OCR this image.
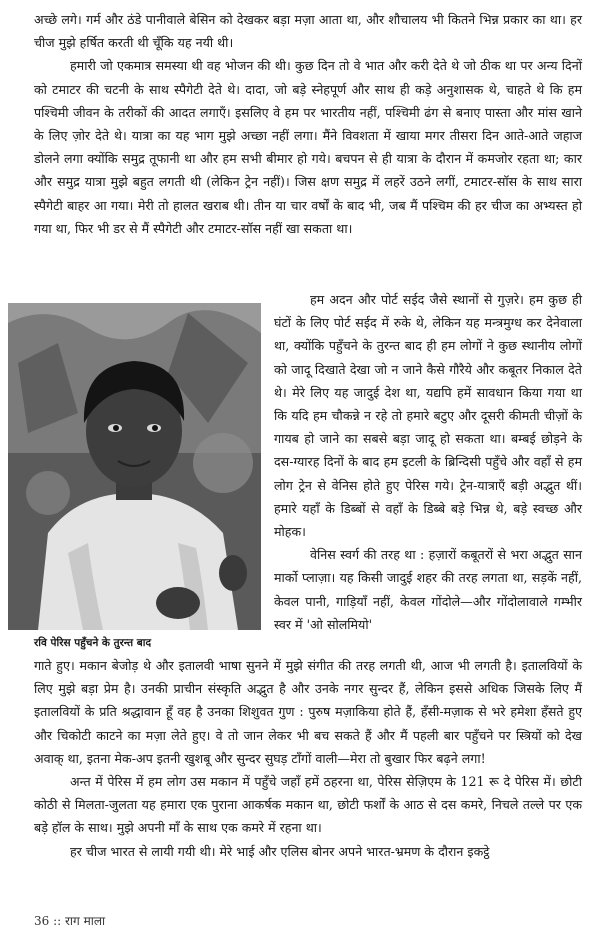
अच्छे लगे। गर्म और ठंडे पानीवाले बेसिन को देखकर बड़ा मज़ा आता था, और शौचालय भी कितने भिन्न प्रकार का था। हर चीज मुझे हर्षित करती थी चूँकि यह नयी थी।

हमारी जो एकमात्र समस्या थी वह भोजन की थी। कुछ दिन तो वे भात और करी देते थे जो ठीक था पर अन्य दिनों को टमाटर की चटनी के साथ स्पैगेटी देते थे। दादा, जो बड़े स्नेहपूर्ण और साथ ही कड़े अनुशासक थे, चाहते थे कि हम पश्चिमी जीवन के तरीकों की आदत लगाएँ। इसलिए वे हम पर भारतीय नहीं, पश्चिमी ढंग से बनाए पास्ता और मांस खाने के लिए ज़ोर देते थे। यात्रा का यह भाग मुझे अच्छा नहीं लगा। मैंने विवशता में खाया मगर तीसरा दिन आते-आते जहाज डोलने लगा क्योंकि समुद्र तूफानी था और हम सभी बीमार हो गये। बचपन से ही यात्रा के दौरान में कमजोर रहता था; कार और समुद्र यात्रा मुझे बहुत लगती थी (लेकिन ट्रेन नहीं)। जिस क्षण समुद्र में लहरें उठने लगीं, टमाटर-सॉस के साथ सारा स्पैगेटी बाहर आ गया। मेरी तो हालत खराब थी। तीन या चार वर्षों के बाद भी, जब मैं पश्चिम की हर चीज का अभ्यस्त हो गया था, फिर भी डर से मैं स्पैगेटी और टमाटर-सॉस नहीं खा सकता था।

रवि पेरिस पहुँचने के तुरन्त बाद

हम अदन और पोर्ट सईद जैसे स्थानों से गुज़रे। हम कुछ ही घंटों के लिए पोर्ट सईद में रुके थे, लेकिन यह मन्त्रमुग्ध कर देनेवाला था, क्योंकि पहुँचने के तुरन्त बाद ही हम लोगों ने कुछ स्थानीय लोगों को जादू दिखाते देखा जो न जाने कैसे गौरैये और कबूतर निकाल देते थे। मेरे लिए यह जादुई देश था, यद्यपि हमें सावधान किया गया था कि यदि हम चौकन्ने न रहे तो हमारे बटुए और दूसरी कीमती चीज़ों के गायब हो जाने का सबसे बड़ा जादू हो सकता था। बम्बई छोड़ने के दस-ग्यारह दिनों के बाद हम इटली के ब्रिन्दिसी पहुँचे और वहाँ से हम लोग ट्रेन से वेनिस होते हुए पेरिस गये। ट्रेन-यात्राएँ बड़ी अद्भुत थीं। हमारे यहाँ के डिब्बों से वहाँ के डिब्बे बड़े भिन्न थे, बड़े स्वच्छ और मोहक।

वेनिस स्वर्ग की तरह था : हज़ारों कबूतरों से भरा अद्भुत सान मार्को प्लाज़ा। यह किसी जादुई शहर की तरह लगता था, सड़कें नहीं, केवल पानी, गाड़ियाँ नहीं, केवल गोंदोले—और गोंदोलावाले गम्भीर स्वर में 'ओ सोलमियो'

गाते हुए। मकान बेजोड़ थे और इतालवी भाषा सुनने में मुझे संगीत की तरह लगती थी, आज भी लगती है। इतालवियों के लिए मुझे बड़ा प्रेम है। उनकी प्राचीन संस्कृति अद्भुत है और उनके नगर सुन्दर हैं, लेकिन इससे अधिक जिसके लिए मैं इतालवियों के प्रति श्रद्धावान हूँ वह है उनका शिशुवत गुण : पुरुष मज़ाकिया होते हैं, हँसी-मज़ाक से भरे हमेशा हँसते हुए और चिकोटी काटने का मज़ा लेते हुए। वे तो जान लेकर भी बच सकते हैं और मैं पहली बार पहुँचने पर स्त्रियों को देख अवाक् था, इतना मेक-अप इतनी खुशबू और सुन्दर सुघड़ टाँगों वाली—मेरा तो बुखार फिर बढ़ने लगा!

अन्त में पेरिस में हम लोग उस मकान में पहुँचे जहाँ हमें ठहरना था, पेरिस सेज़िएम के 121 रू दे पेरिस में। छोटी कोठी से मिलता-जुलता यह हमारा एक पुराना आकर्षक मकान था, छोटी फर्शों के आठ से दस कमरे, निचले तल्ले पर एक बड़े हॉल के साथ। मुझे अपनी माँ के साथ एक कमरे में रहना था।

हर चीज भारत से लायी गयी थी। मेरे भाई और एलिस बोनर अपने भारत-भ्रमण के दौरान इकट्ठे

36 :: राग माला
